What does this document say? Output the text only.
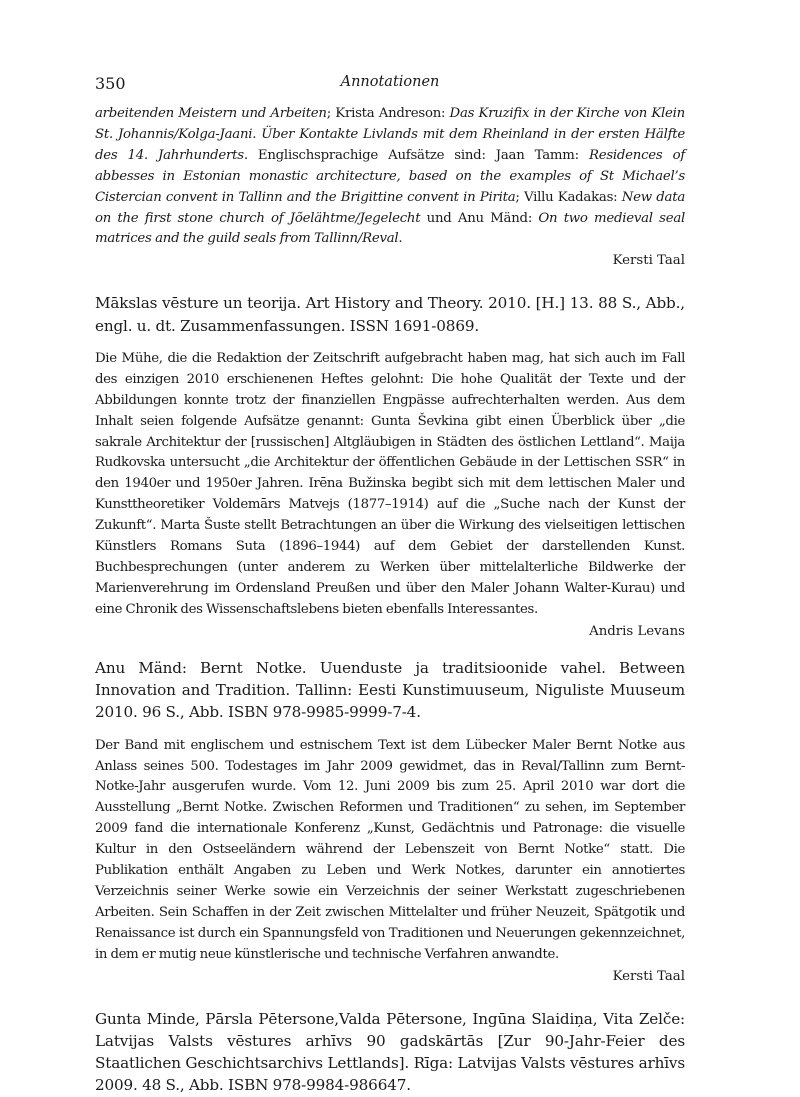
350	Annotationen

arbeitenden Meistern und Arbeiten; Krista Andreson: Das Kruzifix in der Kirche von Klein St. Johannis/Kolga-Jaani. Über Kontakte Livlands mit dem Rheinland in der ersten Hälfte des 14. Jahrhunderts. Englischsprachige Aufsätze sind: Jaan Tamm: Residences of abbesses in Estonian monastic architecture, based on the examples of St Michael’s Cistercian convent in Tallinn and the Brigittine convent in Pirita; Villu Kadakas: New data on the first stone church of Jõelähtme/Jegelecht und Anu Mänd: On two medieval seal matrices and the guild seals from Tallinn/Reval.

Kersti Taal

Mākslas vēsture un teorija. Art History and Theory. 2010. [H.] 13. 88 S., Abb., engl. u. dt. Zusammenfassungen. ISSN 1691-0869.

Die Mühe, die die Redaktion der Zeitschrift aufgebracht haben mag, hat sich auch im Fall des einzigen 2010 erschienenen Heftes gelohnt: Die hohe Qualität der Texte und der Abbildungen konnte trotz der finanziellen Engpässe aufrechterhalten werden. Aus dem Inhalt seien folgende Aufsätze genannt: Gunta Ševkina gibt einen Überblick über „die sakrale Architektur der [russischen] Altgläubigen in Städten des östlichen Lettland“. Maija Rudkovska untersucht „die Architektur der öffentlichen Gebäude in der Lettischen SSR“ in den 1940er und 1950er Jahren. Irēna Bužinska begibt sich mit dem lettischen Maler und Kunsttheoretiker Voldemārs Matvejs (1877–1914) auf die „Suche nach der Kunst der Zukunft“. Marta Šuste stellt Betrachtungen an über die Wirkung des vielseitigen lettischen Künstlers Romans Suta (1896–1944) auf dem Gebiet der darstellenden Kunst. Buchbesprechungen (unter anderem zu Werken über mittelalterliche Bildwerke der Marienverehrung im Ordensland Preußen und über den Maler Johann Walter-Kurau) und eine Chronik des Wissenschaftslebens bieten ebenfalls Interessantes.

Andris Levans

Anu Mänd: Bernt Notke. Uuenduste ja traditsioonide vahel. Between Innovation and Tradition. Tallinn: Eesti Kunstimuuseum, Niguliste Muuseum 2010. 96 S., Abb. ISBN 978-9985-9999-7-4.

Der Band mit englischem und estnischem Text ist dem Lübecker Maler Bernt Notke aus Anlass seines 500. Todestages im Jahr 2009 gewidmet, das in Reval/Tallinn zum Bernt-Notke-Jahr ausgerufen wurde. Vom 12. Juni 2009 bis zum 25. April 2010 war dort die Ausstellung „Bernt Notke. Zwischen Reformen und Traditionen“ zu sehen, im September 2009 fand die internationale Konferenz „Kunst, Gedächtnis und Patronage: die visuelle Kultur in den Ostseeländern während der Lebenszeit von Bernt Notke“ statt. Die Publikation enthält Angaben zu Leben und Werk Notkes, darunter ein annotiertes Verzeichnis seiner Werke sowie ein Verzeichnis der seiner Werkstatt zugeschriebenen Arbeiten. Sein Schaffen in der Zeit zwischen Mittelalter und früher Neuzeit, Spätgotik und Renaissance ist durch ein Spannungsfeld von Traditionen und Neuerungen gekennzeichnet, in dem er mutig neue künstlerische und technische Verfahren anwandte.

Kersti Taal

Gunta Minde, Pārsla Pētersone,Valda Pētersone, Ingūna Slaidiņa, Vita Zelče: Latvijas Valsts vēstures arhīvs 90 gadskārtās [Zur 90-Jahr-Feier des Staatlichen Geschichtsarchivs Lettlands]. Rīga: Latvijas Valsts vēstures arhīvs 2009. 48 S., Abb. ISBN 978-9984-986647.
